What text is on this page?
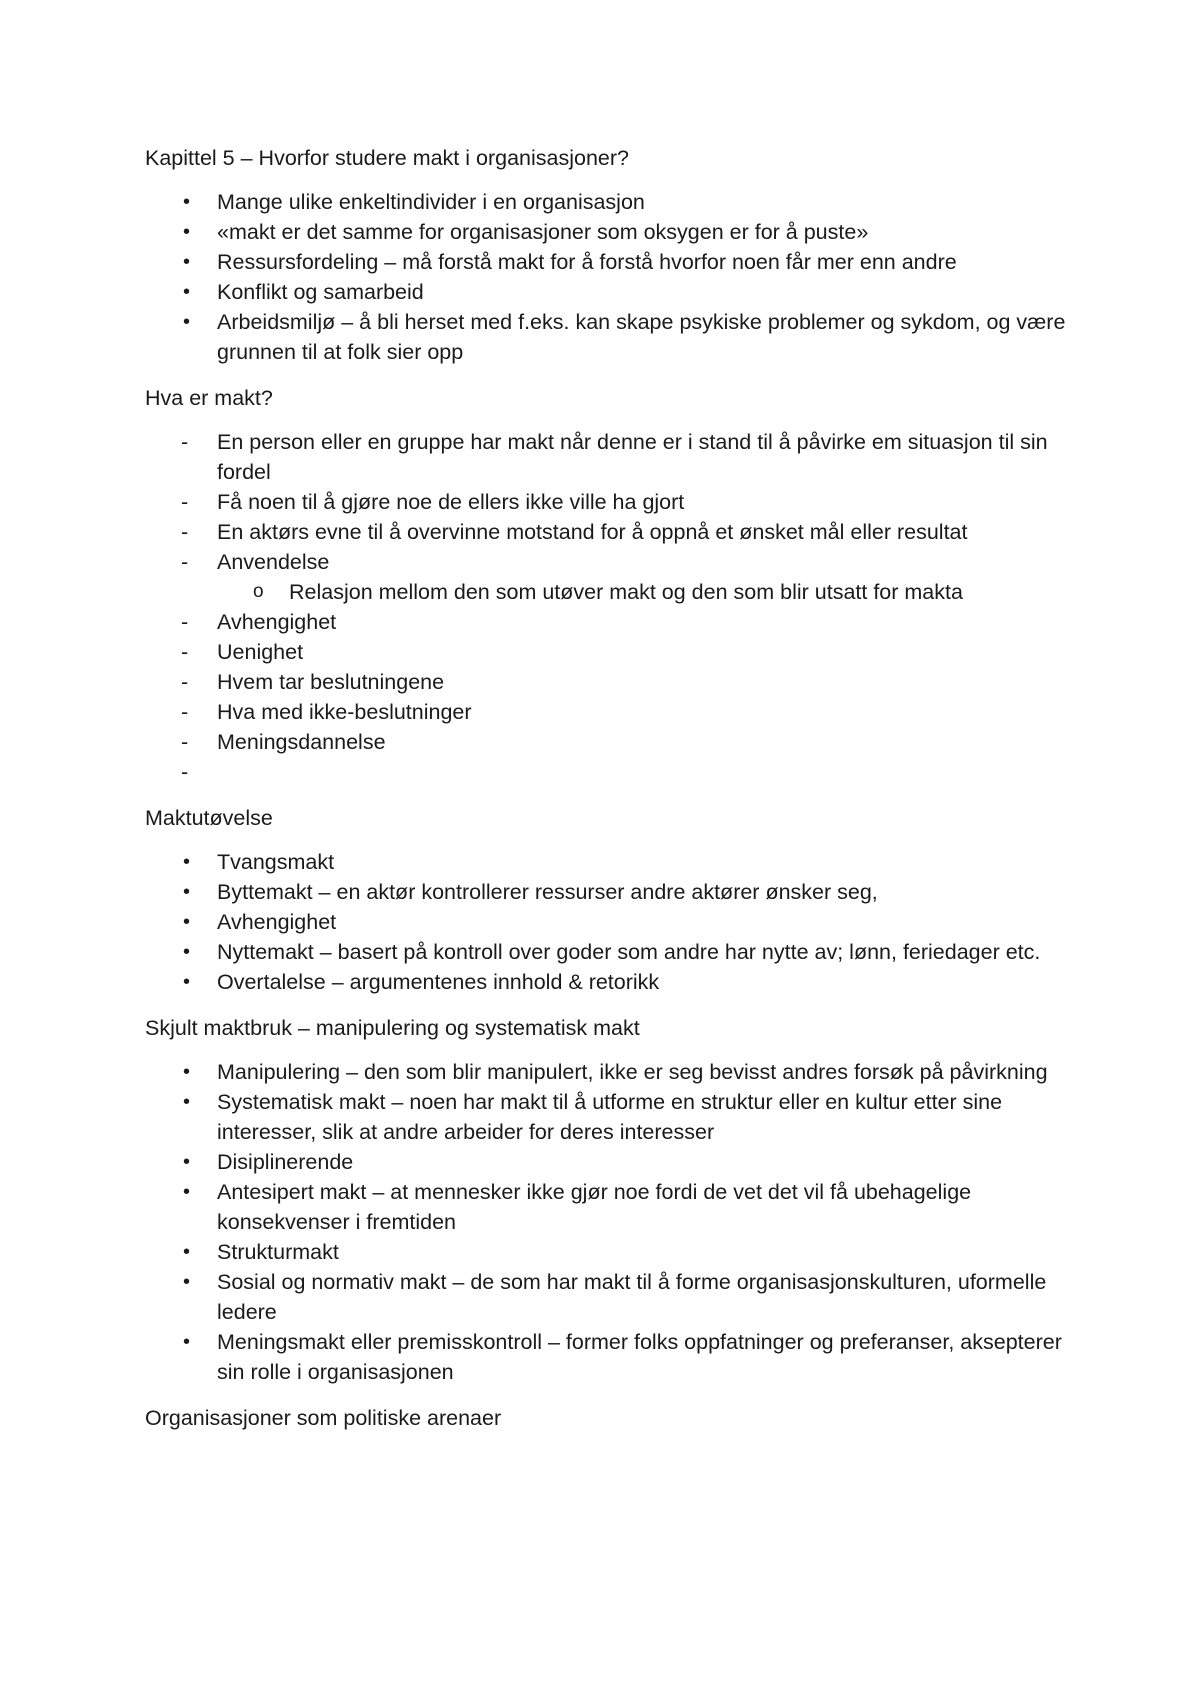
Kapittel 5 – Hvorfor studere makt i organisasjoner?

•	Mange ulike enkeltindivider i en organisasjon
•	«makt er det samme for organisasjoner som oksygen er for å puste»
•	Ressursfordeling – må forstå makt for å forstå hvorfor noen får mer enn andre
•	Konflikt og samarbeid
•	Arbeidsmiljø – å bli herset med f.eks. kan skape psykiske problemer og sykdom, og være grunnen til at folk sier opp

Hva er makt?

-	En person eller en gruppe har makt når denne er i stand til å påvirke em situasjon til sin fordel
-	Få noen til å gjøre noe de ellers ikke ville ha gjort
-	En aktørs evne til å overvinne motstand for å oppnå et ønsket mål eller resultat
-	Anvendelse
o	Relasjon mellom den som utøver makt og den som blir utsatt for makta
-	Avhengighet
-	Uenighet
-	Hvem tar beslutningene
-	Hva med ikke-beslutninger
-	Meningsdannelse
-

Maktutøvelse

•	Tvangsmakt
•	Byttemakt – en aktør kontrollerer ressurser andre aktører ønsker seg,
•	Avhengighet
•	Nyttemakt – basert på kontroll over goder som andre har nytte av; lønn, feriedager etc.
•	Overtalelse – argumentenes innhold & retorikk

Skjult maktbruk – manipulering og systematisk makt

•	Manipulering – den som blir manipulert, ikke er seg bevisst andres forsøk på påvirkning
•	Systematisk makt – noen har makt til å utforme en struktur eller en kultur etter sine interesser, slik at andre arbeider for deres interesser
•	Disiplinerende
•	Antesipert makt – at mennesker ikke gjør noe fordi de vet det vil få ubehagelige konsekvenser i fremtiden
•	Strukturmakt
•	Sosial og normativ makt – de som har makt til å forme organisasjonskulturen, uformelle ledere
•	Meningsmakt eller premisskontroll – former folks oppfatninger og preferanser, aksepterer sin rolle i organisasjonen

Organisasjoner som politiske arenaer
